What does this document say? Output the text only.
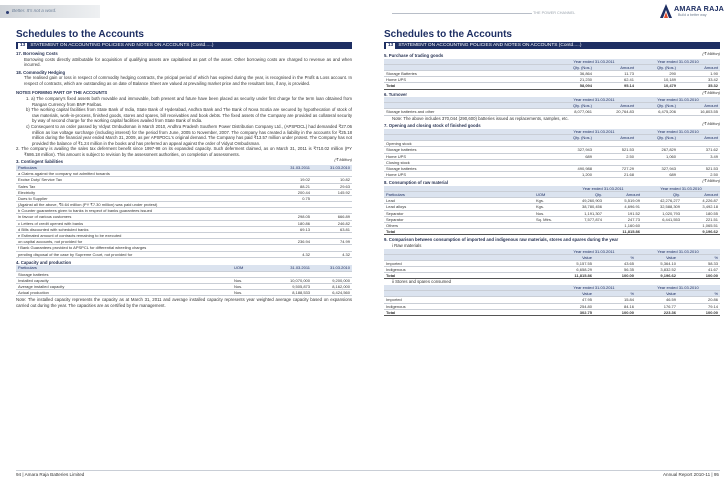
Better. It's not a word.	THE POWER CHANNEL	AMARA RAJA
Build a better way
Schedules to the Accounts
13 STATEMENT ON ACCOUNTING POLICIES AND NOTES ON ACCOUNTS (Contd.....)
17. Borrowing Costs
Borrowing costs directly attributable for acquisition of qualifying assets are capitalised as part of the asset. Other borrowing costs are charged to revenue as and when incurred.
18. Commodity Hedging
The realised gain or loss in respect of commodity hedging contracts, the pricipal period of which has expired during the year, is recognised in the Profit & Loss account. In respect of contracts, which are outstanding as on date of Balance Sheet are valued at prevailing market price and the resultant loss, if any, is provided.
NOTES FORMING PART OF THE ACCOUNTS
1. a) The company's fixed assets both movable and immovable, both present and future have been placed as security under first charge for the term loan obtained from Rangan Currency from BNP Paribas.
b) The working capital facilities from State Bank of India, State Bank of Hyderabad, Andhra Bank and The Bank of Nova Scotia are secured by hypothecation of stock of raw materials, work-in-process, finished goods, stores and spares, bill receivables and book debts. The fixed assets of the Company are provided as collateral security by way of second charge for the working capital facilities availed from State Bank of India.
c) Consequent to an order passed by Vidyut Ombudsman in March 2010, Andhra Pradesh Southern Power Distribution Company Ltd., (APSPDCL) had demanded ₹27.06 million as low voltage surcharge (including interest) for the period from June, 2005 to November, 2007. The company has created a liability in the accounts for ₹25.18 million during the financial year ended March 31, 2009, as per APSPDCL's original demand. The Company has paid ₹13.57 million under protest. The Company has not provided the balance of ₹1.24 million in the books and has preferred an appeal against the order of Vidyut Ombudsman.
2. The company is availing the sales tax deferment benefit since 1997-98 on its expanded capacity. Such deferment claimed, as on March 31, 2011 is ₹710.02 million (PY ₹686.18 million). This amount is subject to revision by the assessment authorities, on completion of assessments.
3. Contingent liabilities	(₹ Million)
Particulars	31.03.2011	31.03.2010
a Claims against the company not admitted towards		
Excise Duty/ Service Tax	19.02	10.82
Sales Tax	88.21	29.63
Electricity	200.44	145.92
Dues to Supplier	0.75	
(Against all the above, ₹5.64 million (PY ₹7.30 million) was paid under protest)		
b Counter guarantees given to banks in respect of banks guarantees issued		
in favour of various customers	298.05	666.89
c Letters of credit opened with banks	180.86	246.82
d Bills discounted with scheduled banks	69.13	63.81
e Estimated amount of contracts remaining to be executed		
on capital accounts, not provided for	236.94	74.99
f Bank Guarantees provided to APSPCL for differential wheeling charges		
pending disposal of the case by Supreme Court, not provided for	4.32	4.32
4. Capacity and production
Particulars	UOM	31.03.2011	31.03.2010
Storage batteries			
Installed capacity	Nos.	10,070,000	9,200,000
Average installed capacity	Nos.	9,505,873	8,162,000
Actual production	Nos.	8,188,533	6,424,560
Note: The installed capacity represents the capacity as at March 31, 2011 and average installed capacity represents year weighted average capacity based on expansions carried out during the year. The capacities are as certified by the management.
Schedules to the Accounts
13 STATEMENT ON ACCOUNTING POLICIES AND NOTES ON ACCOUNTS (Contd.....)
5. Purchase of trading goods	(₹ Million)
	Year ended 31.03.2011		Year ended 31.03.2010	
	Qty. (Nos.)	Amount	Qty. (Nos.)	Amount
Storage Batteries	36,864	11.73	290	1.90
Home UPS	21,230	62.41	10,189	33.42
Total	58,094	95.14	10,479	35.32
6. Turnover	(₹ Million)
	Year ended 31.03.2011		Year ended 31.03.2010	
	Qty. (Nos.)	Amount	Qty. (Nos.)	Amount
Storage batteries and other	8,077,061	20,764.83	6,475,206	16,803.55
Note: The above includes 370,044 (290,600) batteries issued as replacements, samples, etc.
7. Opening and closing stock of finished goods	(₹ Million)
	Year ended 31.03.2011		Year ended 31.03.2010	
	Qty. (Nos.)	Amount	Qty. (Nos.)	Amount
Opening stock				
Storage batteries	327,943	521.53	267,829	371.62
Home UPS	689	2.50	1,060	3.49
Closing stock				
Storage batteries	490,988	727.29	327,943	521.53
Home UPS	1,200	21.68	689	2.50
8. Consumption of raw material	(₹ Million)
		Year ended 31.03.2011		Year ended 31.03.2010	
Particulars	UOM	Qty.	Amount	Qty.	Amount
Lead	Kgs.	49,260,903	5,519.09	42,276,277	4,226.87
Lead alloys	Kgs.	38,780,456	4,696.91	32,588,309	3,492.18
Separator	Nos.	1,191,307	191.52	1,020,793	180.55
Separator	Sq. Mtrs.	7,577,874	247.73	6,441,553	221.51
Others			1,160.60		1,065.51
Total			11,815.86		9,196.62
9. Comparison between consumption of imported and indigenous raw materials, stores and spares during the year
i Raw materials
	Year ended 31.03.2011		Year ended 31.03.2010	
	Value	%	Value	%
Imported	5,157.55	43.65	5,364.10	58.33
Indigenous	6,658.29	56.35	3,832.52	41.67
Total	11,815.86	100.00	9,196.62	100.00
ii Stores and spares consumed
	Year ended 31.03.2011		Year ended 31.03.2010	
	Value	%	Value	%
Imported	47.95	15.84	46.59	20.86
Indigenous	254.80	84.16	176.77	79.14
Total	302.75	100.00	223.36	100.00
94 | Amara Raja Batteries Limited	Annual Report 2010-11 | 95
